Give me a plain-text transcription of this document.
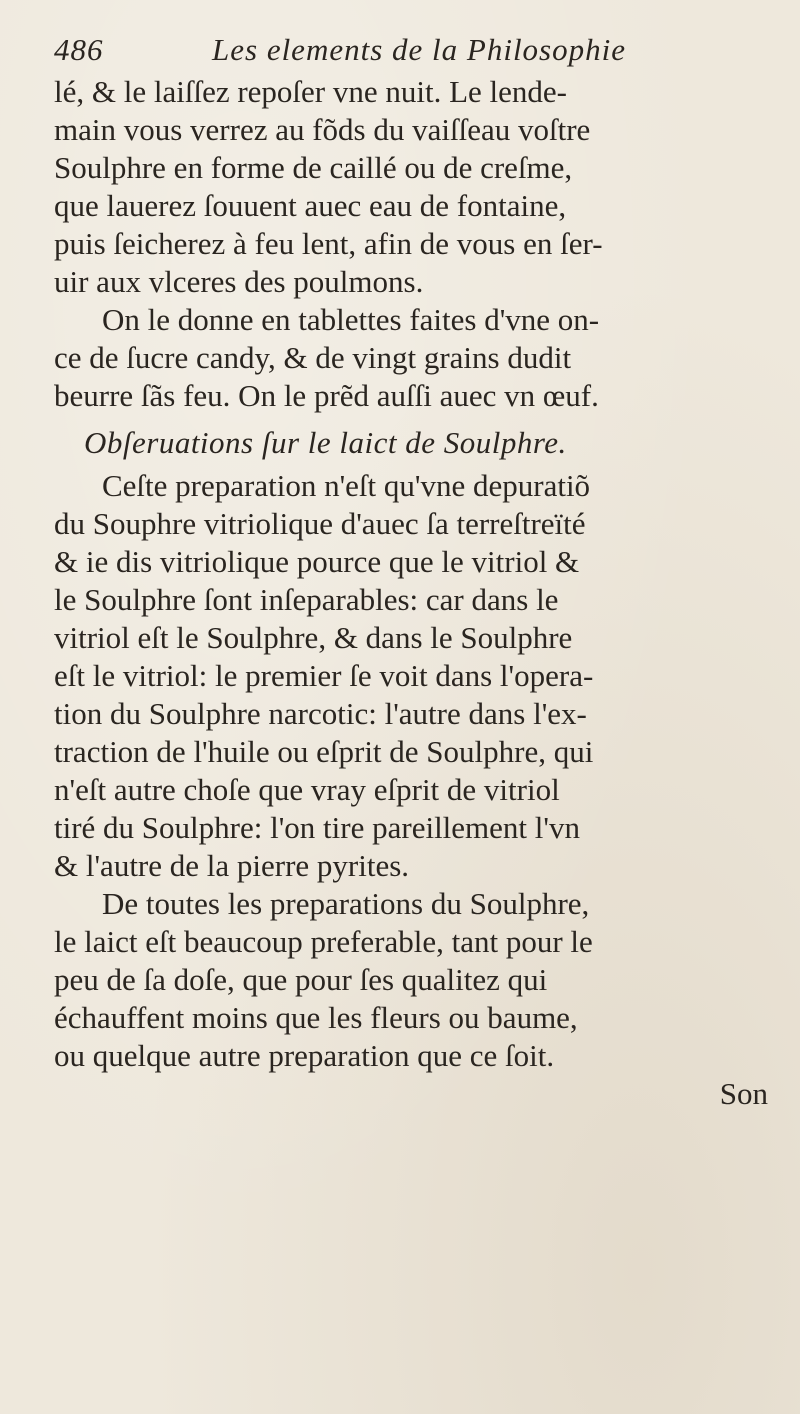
486	Les elements de la Philosophie
lé, & le laiſſez repoſer vne nuit. Le lende-
main vous verrez au fõds du vaiſſeau voſtre
Soulphre en forme de caillé ou de creſme,
que lauerez ſouuent auec eau de fontaine,
puis ſeicherez à feu lent, afin de vous en ſer-
uir aux vlceres des poulmons.
On le donne en tablettes faites d'vne on-
ce de ſucre candy, & de vingt grains dudit
beurre ſãs feu. On le prẽd auſſi auec vn œuf.
Obſeruations ſur le laict de Soulphre.
Ceſte preparation n'eſt qu'vne depuratiõ
du Souphre vitriolique d'auec ſa terreſtreïté
& ie dis vitriolique pource que le vitriol &
le Soulphre ſont inſeparables: car dans le
vitriol eſt le Soulphre, & dans le Soulphre
eſt le vitriol: le premier ſe voit dans l'opera-
tion du Soulphre narcotic: l'autre dans l'ex-
traction de l'huile ou eſprit de Soulphre, qui
n'eſt autre choſe que vray eſprit de vitriol
tiré du Soulphre: l'on tire pareillement l'vn
& l'autre de la pierre pyrites.
De toutes les preparations du Soulphre,
le laict eſt beaucoup preferable, tant pour le
peu de ſa doſe, que pour ſes qualitez qui
échauffent moins que les fleurs ou baume,
ou quelque autre preparation que ce ſoit.
Son
